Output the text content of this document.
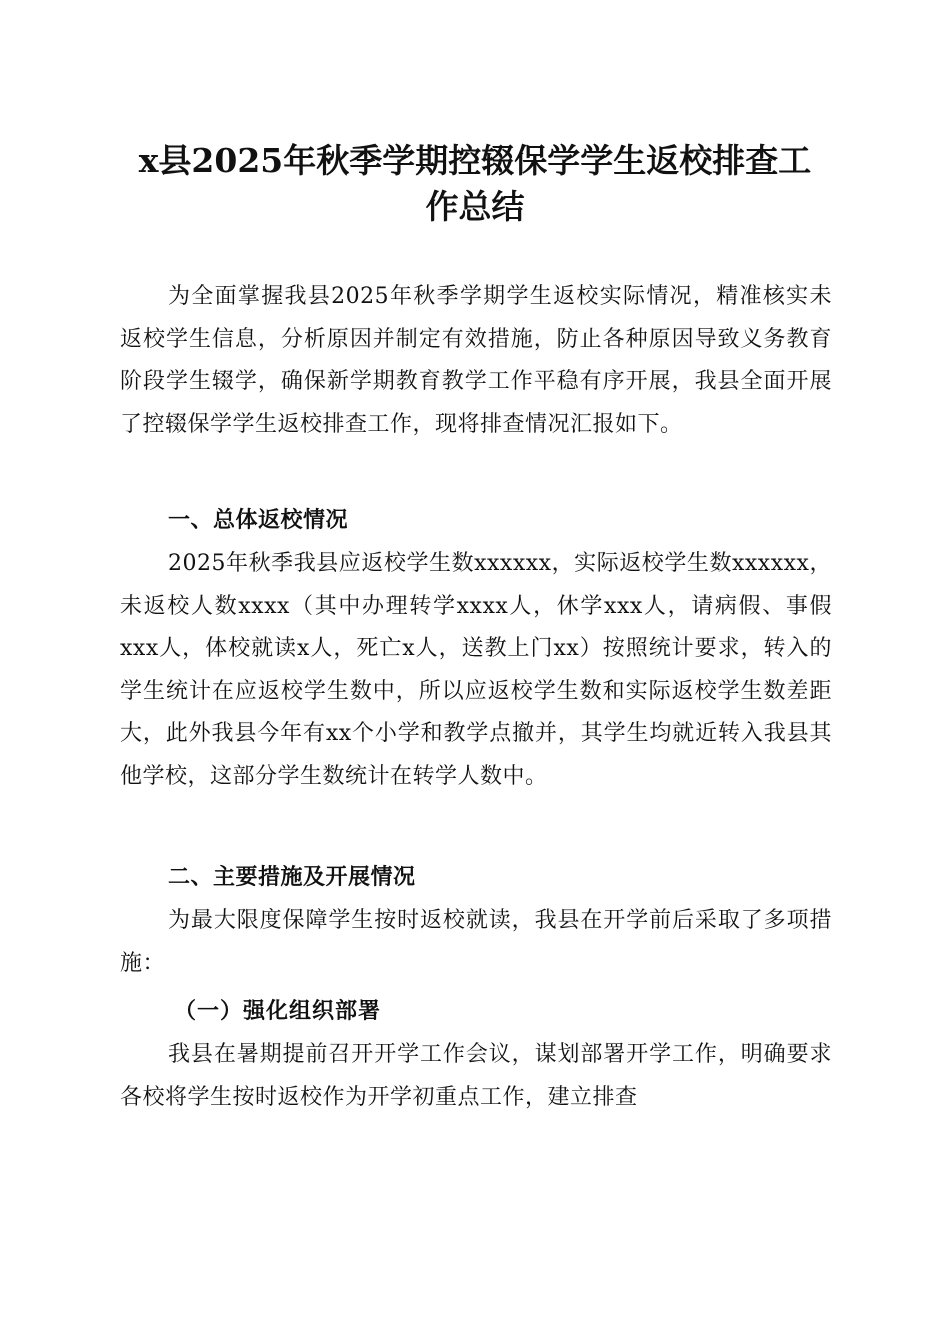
x县2025年秋季学期控辍保学学生返校排查工
作总结

为全面掌握我县2025年秋季学期学生返校实际情况，精准核实未返校学生信息，分析原因并制定有效措施，防止各种原因导致义务教育阶段学生辍学，确保新学期教育教学工作平稳有序开展，我县全面开展了控辍保学学生返校排查工作，现将排查情况汇报如下。

一、总体返校情况

2025年秋季我县应返校学生数xxxxxx，实际返校学生数xxxxxx，未返校人数xxxx（其中办理转学xxxx人，休学xxx人，请病假、事假xxx人，体校就读x人，死亡x人，送教上门xx）按照统计要求，转入的学生统计在应返校学生数中，所以应返校学生数和实际返校学生数差距大，此外我县今年有xx个小学和教学点撤并，其学生均就近转入我县其他学校，这部分学生数统计在转学人数中。

二、主要措施及开展情况

为最大限度保障学生按时返校就读，我县在开学前后采取了多项措施：

（一）强化组织部署

我县在暑期提前召开开学工作会议，谋划部署开学工作，明确要求各校将学生按时返校作为开学初重点工作，建立排查
